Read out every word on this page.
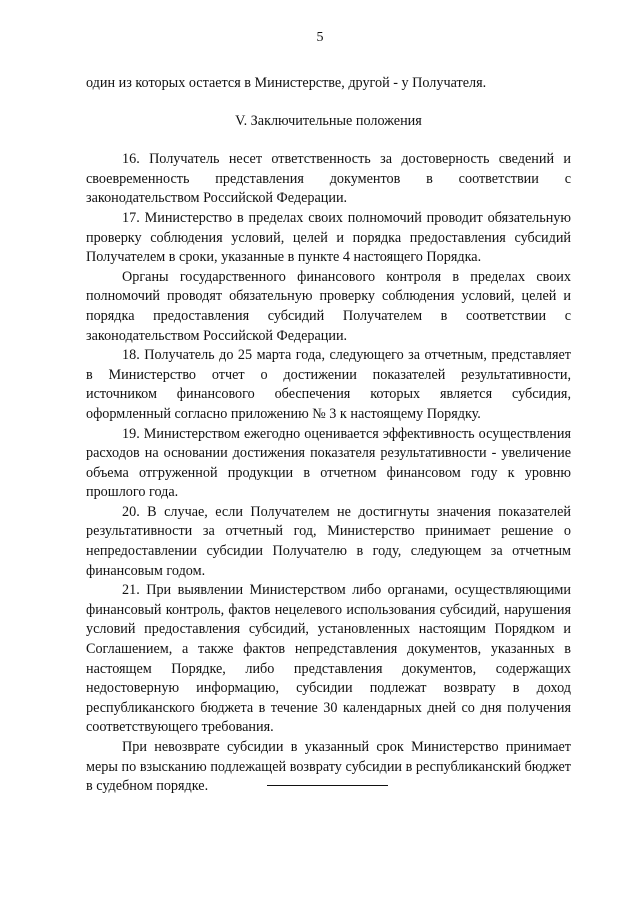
5

один из которых остается в Министерстве, другой - у Получателя.

V. Заключительные положения

16. Получатель несет ответственность за достоверность сведений и своевременность представления документов в соответствии с законодательством Российской Федерации.

17. Министерство в пределах своих полномочий проводит обязательную проверку соблюдения условий, целей и порядка предоставления субсидий Получателем в сроки, указанные в пункте 4 настоящего Порядка.

Органы государственного финансового контроля в пределах своих полномочий проводят обязательную проверку соблюдения условий, целей и порядка предоставления субсидий Получателем в соответствии с законодательством Российской Федерации.

18. Получатель до 25 марта года, следующего за отчетным, представляет в Министерство отчет о достижении показателей результативности, источником финансового обеспечения которых является субсидия, оформленный согласно приложению № 3 к настоящему Порядку.

19. Министерством ежегодно оценивается эффективность осуществления расходов на основании достижения показателя результативности - увеличение объема отгруженной продукции в отчетном финансовом году к уровню прошлого года.

20. В случае, если Получателем не достигнуты значения показателей результативности за отчетный год, Министерство принимает решение о непредоставлении субсидии Получателю в году, следующем за отчетным финансовым годом.

21. При выявлении Министерством либо органами, осуществляющими финансовый контроль, фактов нецелевого использования субсидий, нарушения условий предоставления субсидий, установленных настоящим Порядком и Соглашением, а также фактов непредставления документов, указанных в настоящем Порядке, либо представления документов, содержащих недостоверную информацию, субсидии подлежат возврату в доход республиканского бюджета в течение 30 календарных дней со дня получения соответствующего требования.

При невозврате субсидии в указанный срок Министерство принимает меры по взысканию подлежащей возврату субсидии в республиканский бюджет в судебном порядке.
